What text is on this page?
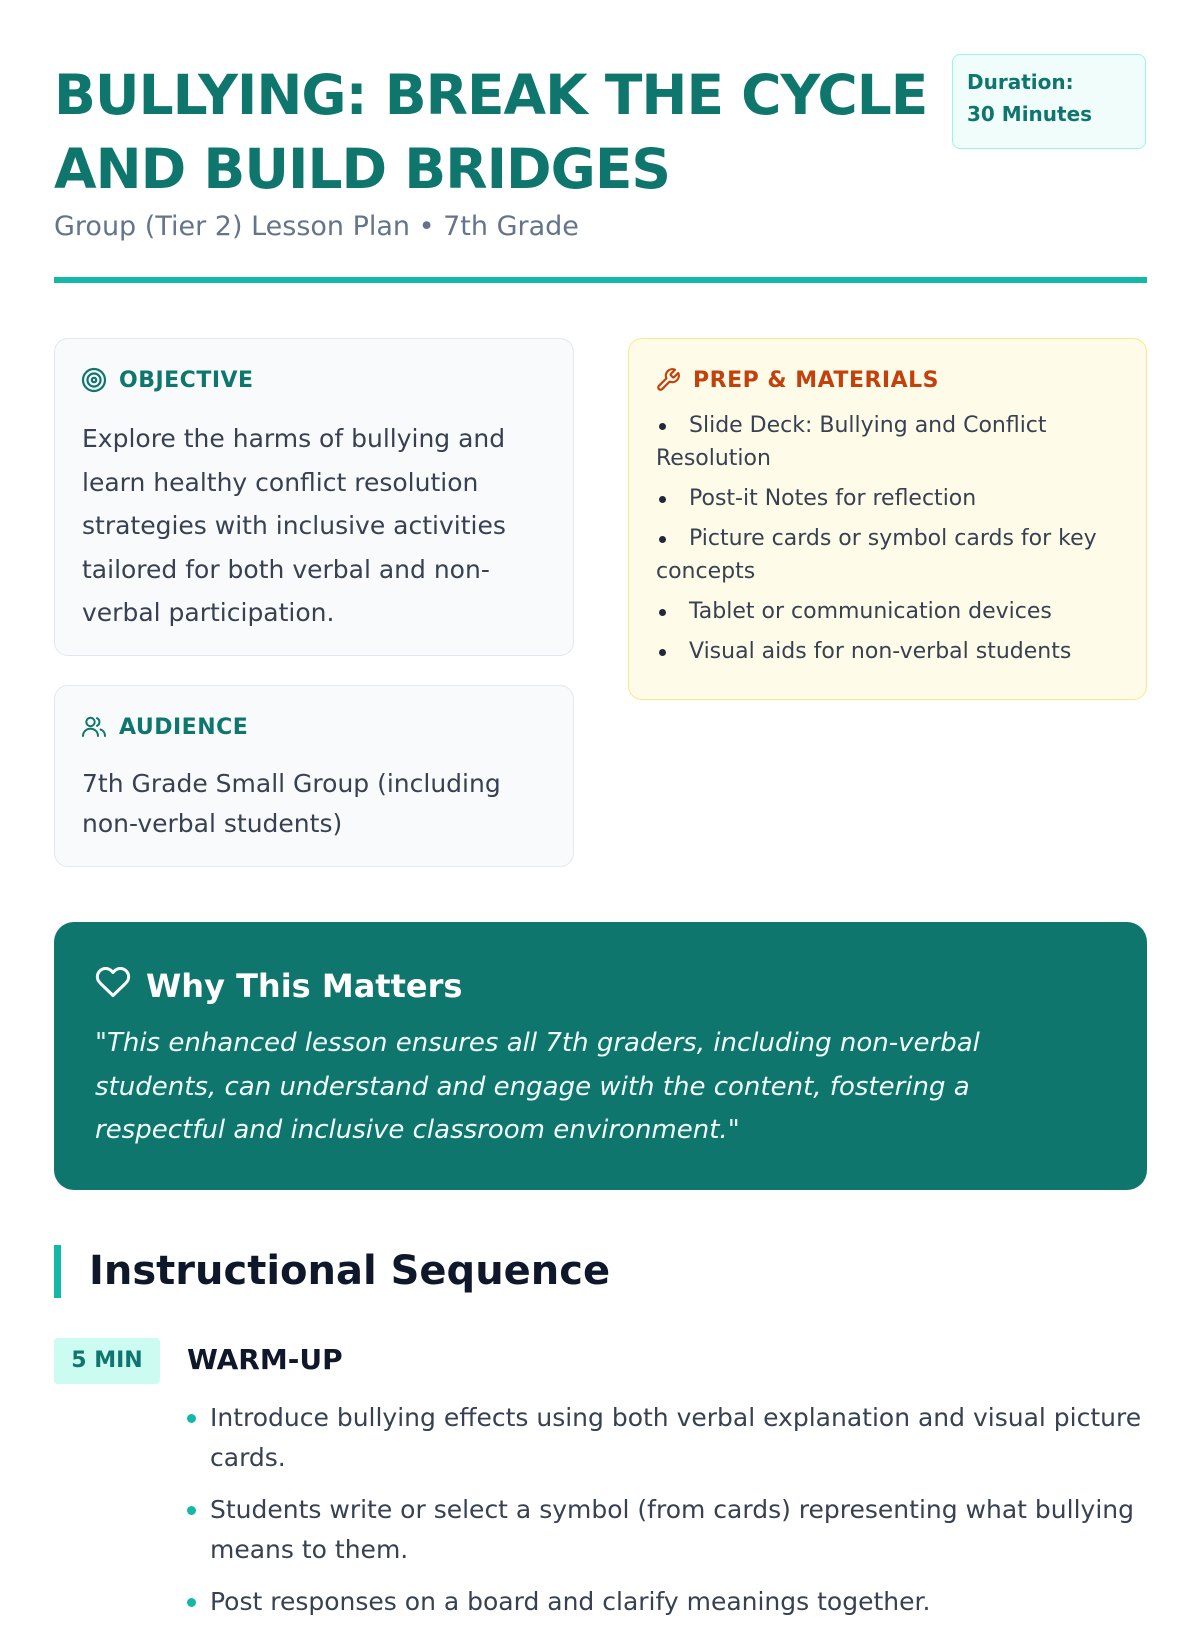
BULLYING: BREAK THE CYCLE AND BUILD BRIDGES
Duration:
30 Minutes

Group (Tier 2) Lesson Plan • 7th Grade

OBJECTIVE
Explore the harms of bullying and learn healthy conflict resolution strategies with inclusive activities tailored for both verbal and non-verbal participation.
AUDIENCE
7th Grade Small Group (including non-verbal students)
PREP & MATERIALS
Slide Deck: Bullying and Conflict Resolution
Post-it Notes for reflection
Picture cards or symbol cards for key concepts
Tablet or communication devices
Visual aids for non-verbal students
Why This Matters

"This enhanced lesson ensures all 7th graders, including non-verbal students, can understand and engage with the content, fostering a respectful and inclusive classroom environment."

Instructional Sequence
5 MIN	WARM-UP
Introduce bullying effects using both verbal explanation and visual picture cards.
Students write or select a symbol (from cards) representing what bullying means to them.
Post responses on a board and clarify meanings together.
